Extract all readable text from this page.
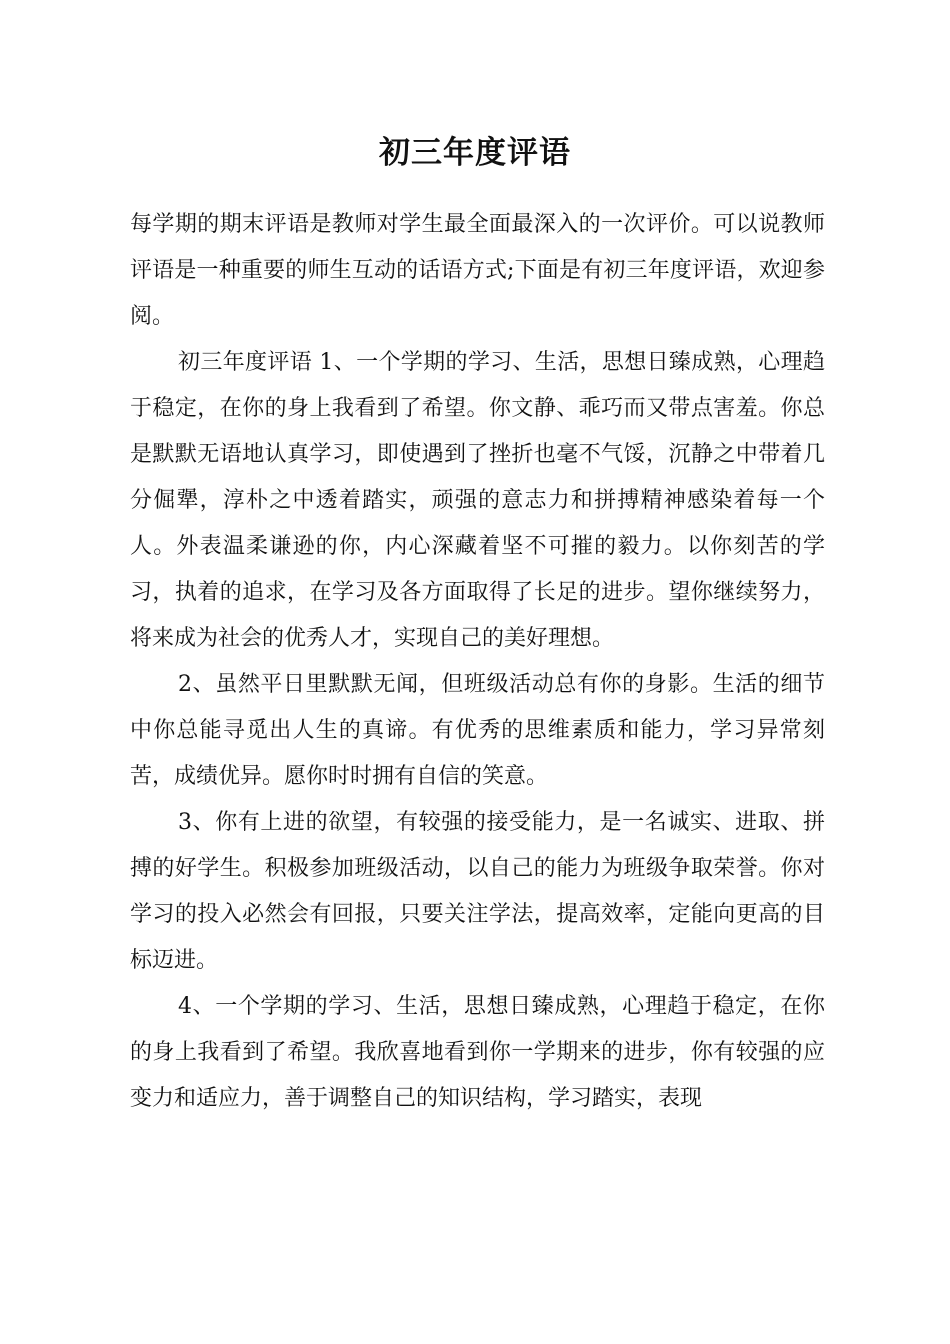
初三年度评语

每学期的期末评语是教师对学生最全面最深入的一次评价。可以说教师评语是一种重要的师生互动的话语方式;下面是有初三年度评语，欢迎参阅。

初三年度评语 1、一个学期的学习、生活，思想日臻成熟，心理趋于稳定，在你的身上我看到了希望。你文静、乖巧而又带点害羞。你总是默默无语地认真学习，即使遇到了挫折也毫不气馁，沉静之中带着几分倔犟，淳朴之中透着踏实，顽强的意志力和拼搏精神感染着每一个人。外表温柔谦逊的你，内心深藏着坚不可摧的毅力。以你刻苦的学习，执着的追求，在学习及各方面取得了长足的进步。望你继续努力，将来成为社会的优秀人才，实现自己的美好理想。

2、虽然平日里默默无闻，但班级活动总有你的身影。生活的细节中你总能寻觅出人生的真谛。有优秀的思维素质和能力，学习异常刻苦，成绩优异。愿你时时拥有自信的笑意。

3、你有上进的欲望，有较强的接受能力，是一名诚实、进取、拼搏的好学生。积极参加班级活动，以自己的能力为班级争取荣誉。你对学习的投入必然会有回报，只要关注学法，提高效率，定能向更高的目标迈进。

4、一个学期的学习、生活，思想日臻成熟，心理趋于稳定，在你的身上我看到了希望。我欣喜地看到你一学期来的进步，你有较强的应变力和适应力，善于调整自己的知识结构，学习踏实，表现
